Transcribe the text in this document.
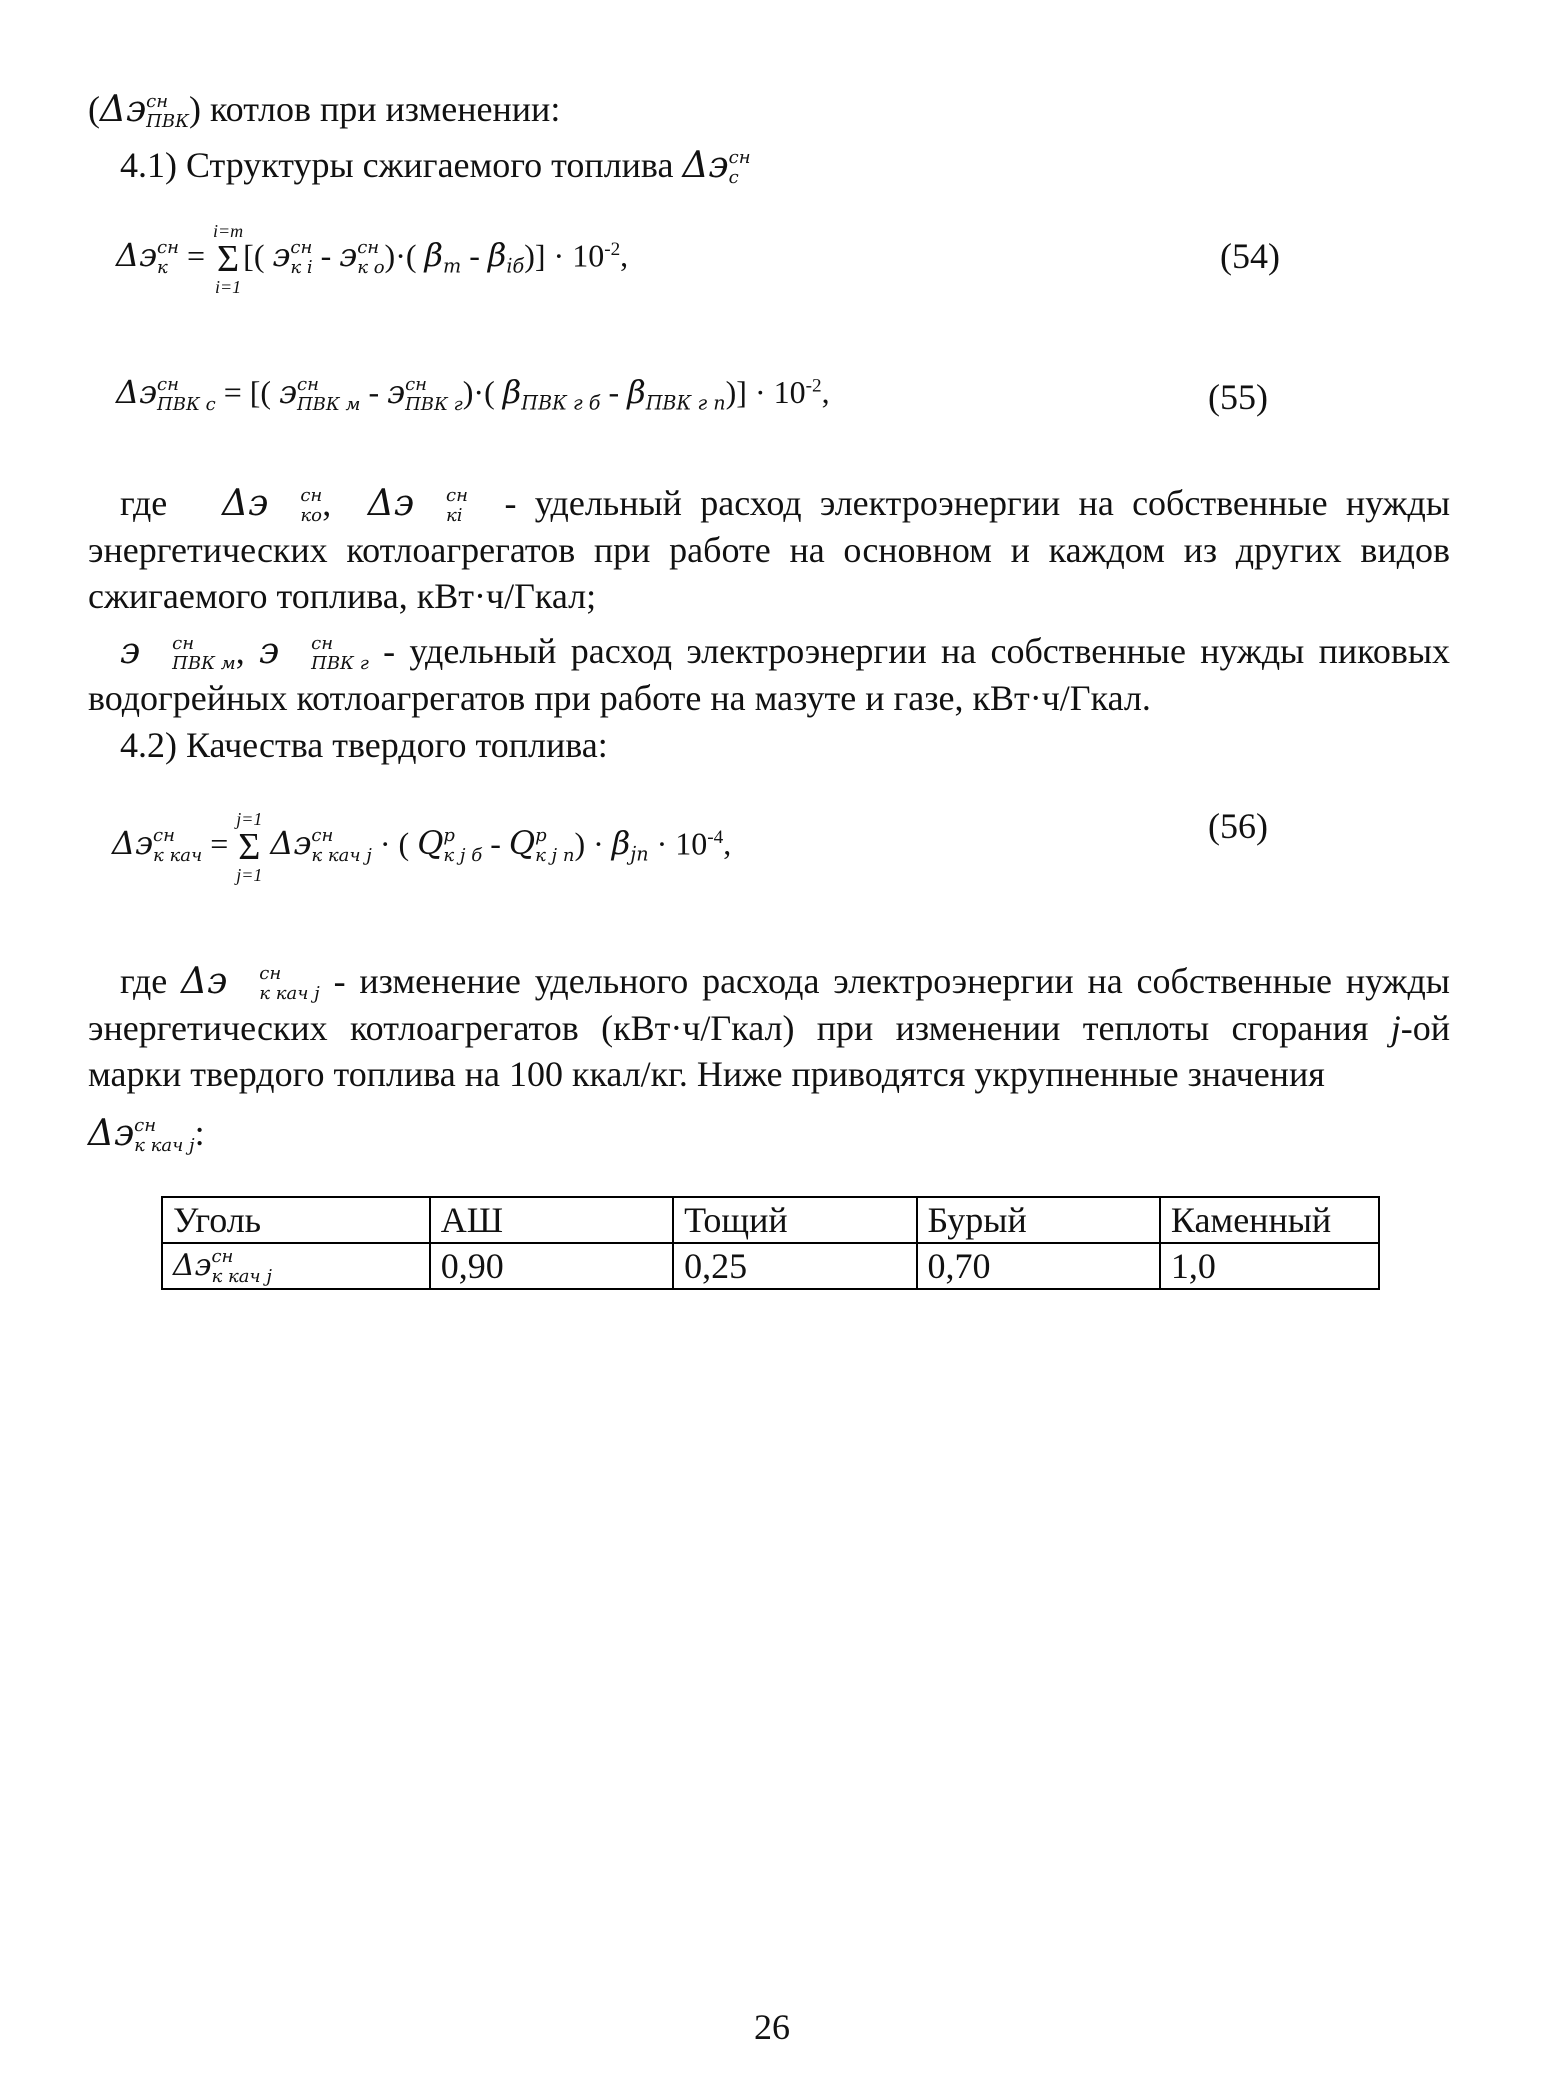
(Δэ сн
ПВК ) котлов при изменении:
4.1) Структуры сжигаемого топлива Δэ сн
с
Δэ сн
к =
i=m
Σ
i=1
[( э сн
к i - э сн
к o )·( $\beta_m - \beta_{iб})] \cdot 10^{-2}$,	(54)
Δэ сн
ПВК с = [( э сн
ПВК м - э сн
ПВК г )·( $\beta_{ПВК г б} - \beta_{ПВК г п})] \cdot 10^{-2}$,	(55)
где Δэ	сн
ко ,  Δэ	сн
кi - удельный расход электроэнергии на собственные нужды энергетических котлоагрегатов при работе на основном и каждом из других видов сжигаемого топлива, кВт·ч/Гкал;
э	сн
ПВК м , э	сн
ПВК г - удельный расход электроэнергии на собственные нужды пиковых водогрейных котлоагрегатов при работе на мазуте и газе, кВт·ч/Гкал.
4.2) Качества твердого топлива:
Δэ сн
к кач =
j=1
Σ
j=1
Δэ сн
к кач j · ( Q p
к j б - Q p
к j п ) · $\beta_{jп} \cdot 10^{-4}$,	(56)
где Δэ	сн
к кач j - изменение удельного расхода электроэнергии на собственные нужды энергетических котлоагрегатов (кВт·ч/Гкал) при изменении теплоты сгорания j-ой марки твердого топлива на 100 ккал/кг. Ниже приводятся укрупненные значения
Δэ сн
к кач j :
Уголь	АШ	Тощий	Бурый	Каменный
Δэ сн
к кач j	0,90	0,25	0,70	1,0
26
